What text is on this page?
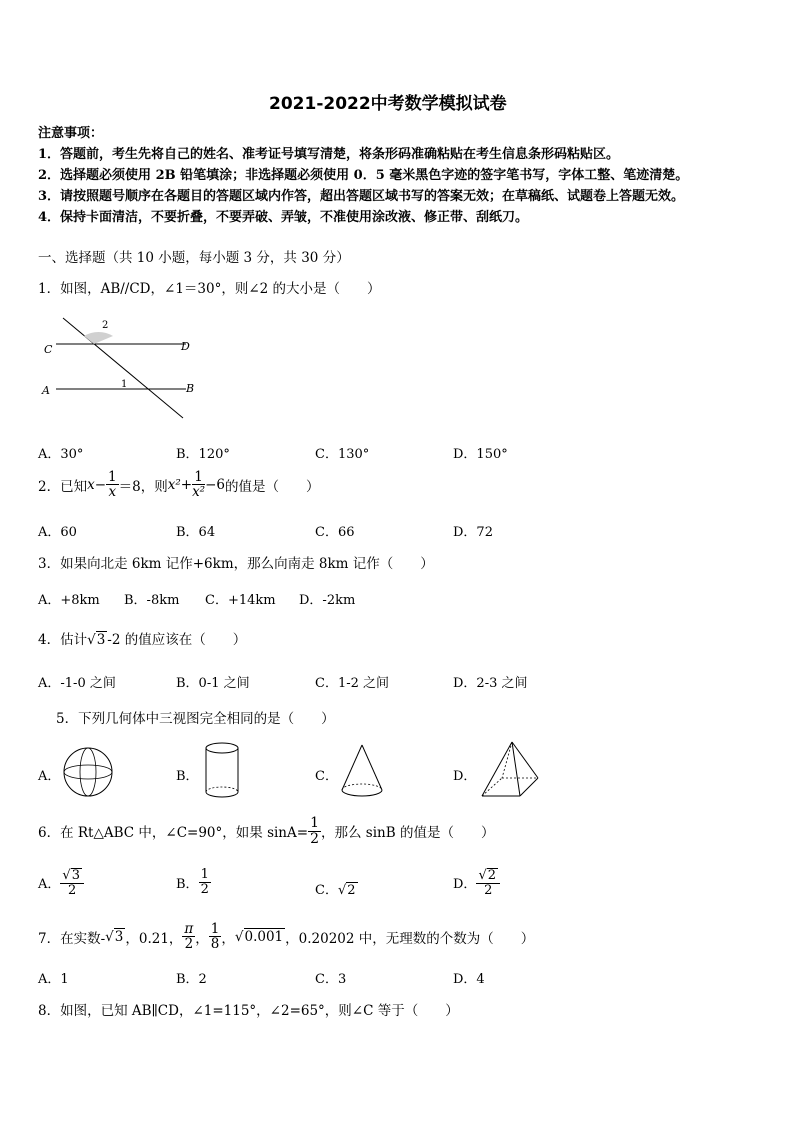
2021-2022中考数学模拟试卷
注意事项：
1．答题前，考生先将自己的姓名、准考证号填写清楚，将条形码准确粘贴在考生信息条形码粘贴区。
2．选择题必须使用 2B 铅笔填涂；非选择题必须使用 0．5 毫米黑色字迹的签字笔书写，字体工整、笔迹清楚。
3．请按照题号顺序在各题目的答题区域内作答，超出答题区域书写的答案无效；在草稿纸、试题卷上答题无效。
4．保持卡面清洁，不要折叠，不要弄破、弄皱，不准使用涂改液、修正带、刮纸刀。
一、选择题（共 10 小题，每小题 3 分，共 30 分）
1．如图，AB//CD，∠1＝30°，则∠2 的大小是（　　）
C	D
A	B
1
2
A．30°	B．120°	C．130°	D．150°
2．已知 $x - \frac{1}{x} =8$，则 $x^2 + \frac{1}{\text{x²}} -6$ 的值是（　　）
A．60	B．64	C．66	D．72
3．如果向北走 6km 记作+6km，那么向南走 8km 记作（　　）
A．+8km B．-8km C．+14km D．-2km
4．估计√3 -2 的值应该在（　　）
A．-1-0 之间	B．0-1 之间	C．1-2 之间	D．2-3 之间
5．下列几何体中三视图完全相同的是（　　）
A．	B．	C．	D．
6．在 Rt△ABC 中，∠C=90°，如果 $\sin A= \frac{1}{2}$ ，那么 sinB 的值是（　　）
A． $\frac{√3}{2}$	B． $\frac{1}{2}$	C．√2	D． $\frac{√2}{2}$
7．在实数- √ 3 ，0.21， $\frac{\pi}{2}$ ， $\frac{1}{8}$ ， √ 0.001 ，0.20202 中，无理数的个数为（　　）
A．1	B．2	C．3	D．4
8．如图，已知 AB∥CD，∠1=115°，∠2=65°，则∠C 等于（　　）
